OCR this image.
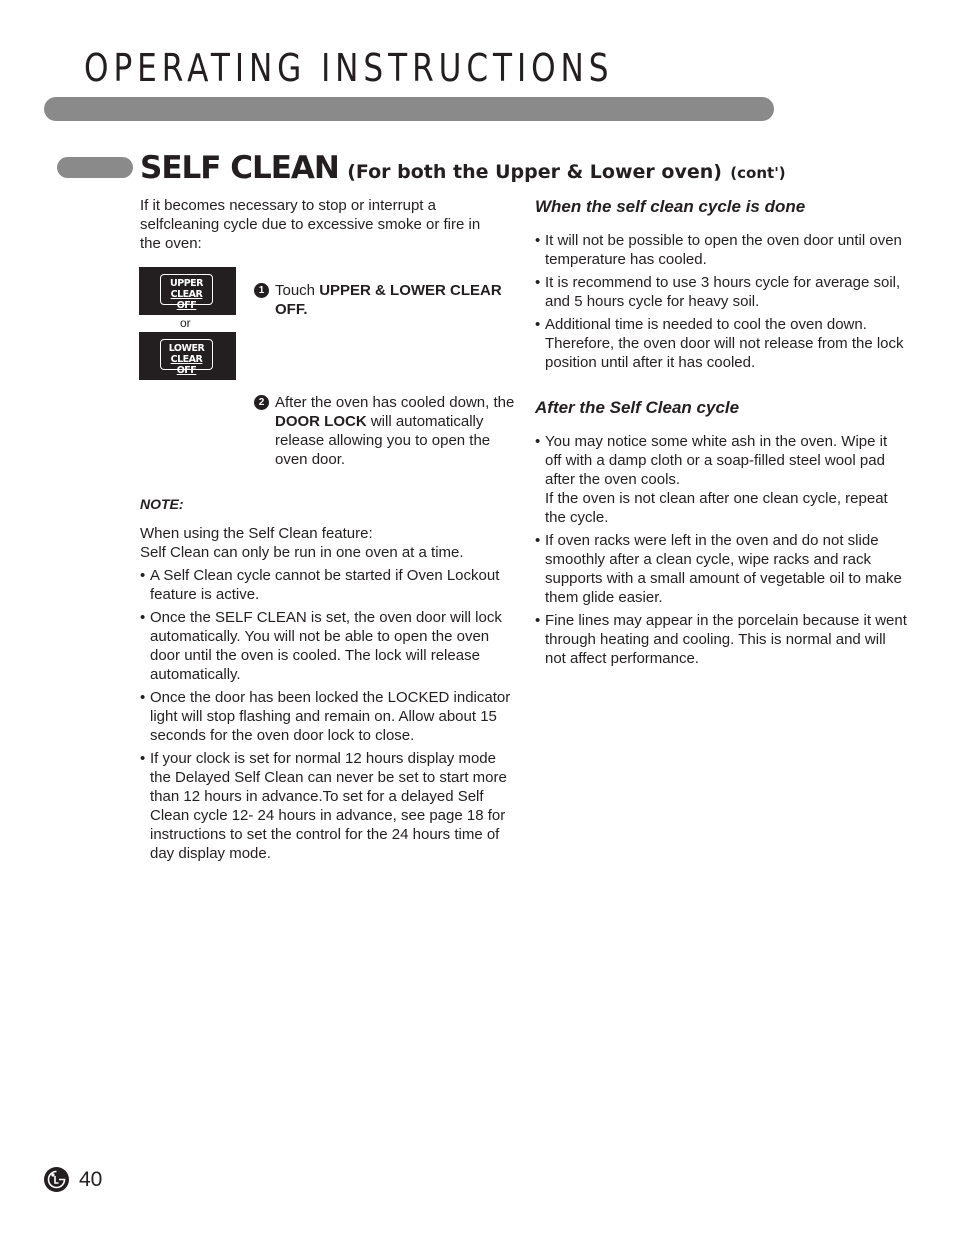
OPERATING INSTRUCTIONS
SELF CLEAN (For both the Upper & Lower oven) (cont')

If it becomes necessary to stop or interrupt a selfcleaning cycle due to excessive smoke or fire in the oven:

UPPER
CLEAR OFF
or
LOWER
CLEAR OFF
1 Touch UPPER & LOWER CLEAR OFF.

2 After the oven has cooled down, the DOOR LOCK will automatically release allowing you to open the oven door.

NOTE:

When using the Self Clean feature:
Self Clean can only be run in one oven at a time.

• A Self Clean cycle cannot be started if Oven Lockout feature is active.
• Once the SELF CLEAN is set, the oven door will lock automatically. You will not be able to open the oven door until the oven is cooled. The lock will release automatically.
• Once the door has been locked the LOCKED indicator light will stop flashing and remain on. Allow about 15 seconds for the oven door lock to close.
• If your clock is set for normal 12 hours display mode the Delayed Self Clean can never be set to start more than 12 hours in advance.To set for a delayed Self Clean cycle 12- 24 hours in advance, see page 18 for instructions to set the control for the 24 hours time of day display mode.
When the self clean cycle is done
• It will not be possible to open the oven door until oven temperature has cooled.
• It is recommend to use 3 hours cycle for average soil, and 5 hours cycle for heavy soil.
• Additional time is needed to cool the oven down. Therefore, the oven door will not release from the lock position until after it has cooled.
After the Self Clean cycle
• You may notice some white ash in the oven. Wipe it off with a damp cloth or a soap-filled steel wool pad after the oven cools.
If the oven is not clean after one clean cycle, repeat the cycle.
• If oven racks were left in the oven and do not slide smoothly after a clean cycle, wipe racks and rack supports with a small amount of vegetable oil to make them glide easier.
• Fine lines may appear in the porcelain because it went through heating and cooling. This is normal and will not affect performance.
40
